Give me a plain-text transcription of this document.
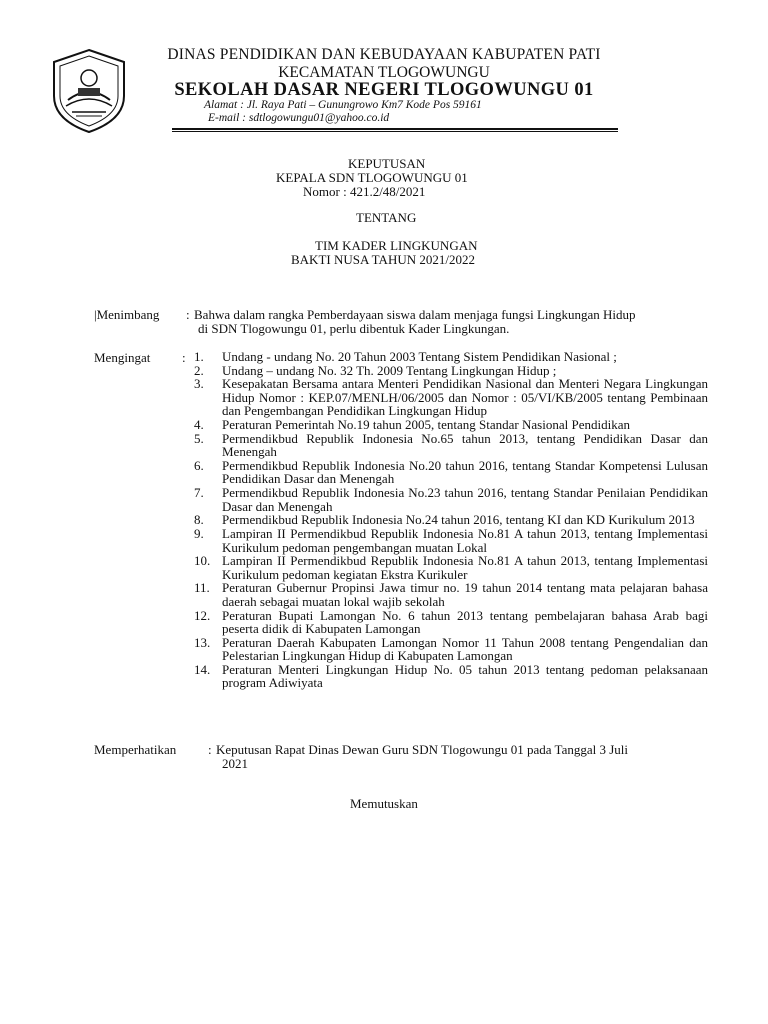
DINAS PENDIDIKAN DAN KEBUDAYAAN KABUPATEN PATI
KECAMATAN TLOGOWUNGU
SEKOLAH DASAR NEGERI TLOGOWUNGU 01
Alamat : Jl. Raya Pati – Gunungrowo Km7 Kode Pos 59161
E-mail : sdtlogowungu01@yahoo.co.id
KEPUTUSAN
KEPALA SDN TLOGOWUNGU 01
Nomor : 421.2/48/2021
TENTANG
TIM KADER LINGKUNGAN
BAKTI NUSA TAHUN 2021/2022
|Menimbang : Bahwa dalam rangka Pemberdayaan siswa dalam menjaga fungsi Lingkungan Hidup
di SDN Tlogowungu 01, perlu dibentuk Kader Lingkungan.
Mengingat : 1.	Undang - undang No. 20 Tahun 2003 Tentang Sistem Pendidikan Nasional ;
2.	Undang – undang No. 32 Th. 2009 Tentang Lingkungan Hidup ;
3.	Kesepakatan Bersama antara Menteri Pendidikan Nasional dan Menteri Negara Lingkungan Hidup Nomor : KEP.07/MENLH/06/2005 dan Nomor : 05/VI/KB/2005 tentang Pembinaan dan Pengembangan Pendidikan Lingkungan Hidup
4.	Peraturan Pemerintah No.19 tahun 2005, tentang Standar Nasional Pendidikan
5.	Permendikbud Republik Indonesia No.65 tahun 2013, tentang Pendidikan Dasar dan Menengah
6.	Permendikbud Republik Indonesia No.20 tahun 2016, tentang Standar Kompetensi Lulusan Pendidikan Dasar dan Menengah
7.	Permendikbud Republik Indonesia No.23 tahun 2016, tentang Standar Penilaian Pendidikan Dasar dan Menengah
8.	Permendikbud Republik Indonesia No.24 tahun 2016, tentang KI dan KD Kurikulum 2013
9.	Lampiran II Permendikbud Republik Indonesia No.81 A tahun 2013, tentang Implementasi Kurikulum pedoman pengembangan muatan Lokal
10. Lampiran II Permendikbud Republik Indonesia No.81 A tahun 2013, tentang Implementasi Kurikulum pedoman kegiatan Ekstra Kurikuler
11. Peraturan Gubernur Propinsi Jawa timur no. 19 tahun 2014 tentang mata pelajaran bahasa daerah sebagai muatan lokal wajib sekolah
12. Peraturan Bupati Lamongan No. 6 tahun 2013 tentang pembelajaran bahasa Arab bagi peserta didik di Kabupaten Lamongan
13. Peraturan Daerah Kabupaten Lamongan Nomor 11 Tahun 2008 tentang Pengendalian dan Pelestarian Lingkungan Hidup di Kabupaten Lamongan
14. Peraturan Menteri Lingkungan Hidup No. 05 tahun 2013 tentang pedoman pelaksanaan program Adiwiyata
Memperhatikan : Keputusan Rapat Dinas Dewan Guru SDN Tlogowungu 01 pada Tanggal 3 Juli
2021
Memutuskan
